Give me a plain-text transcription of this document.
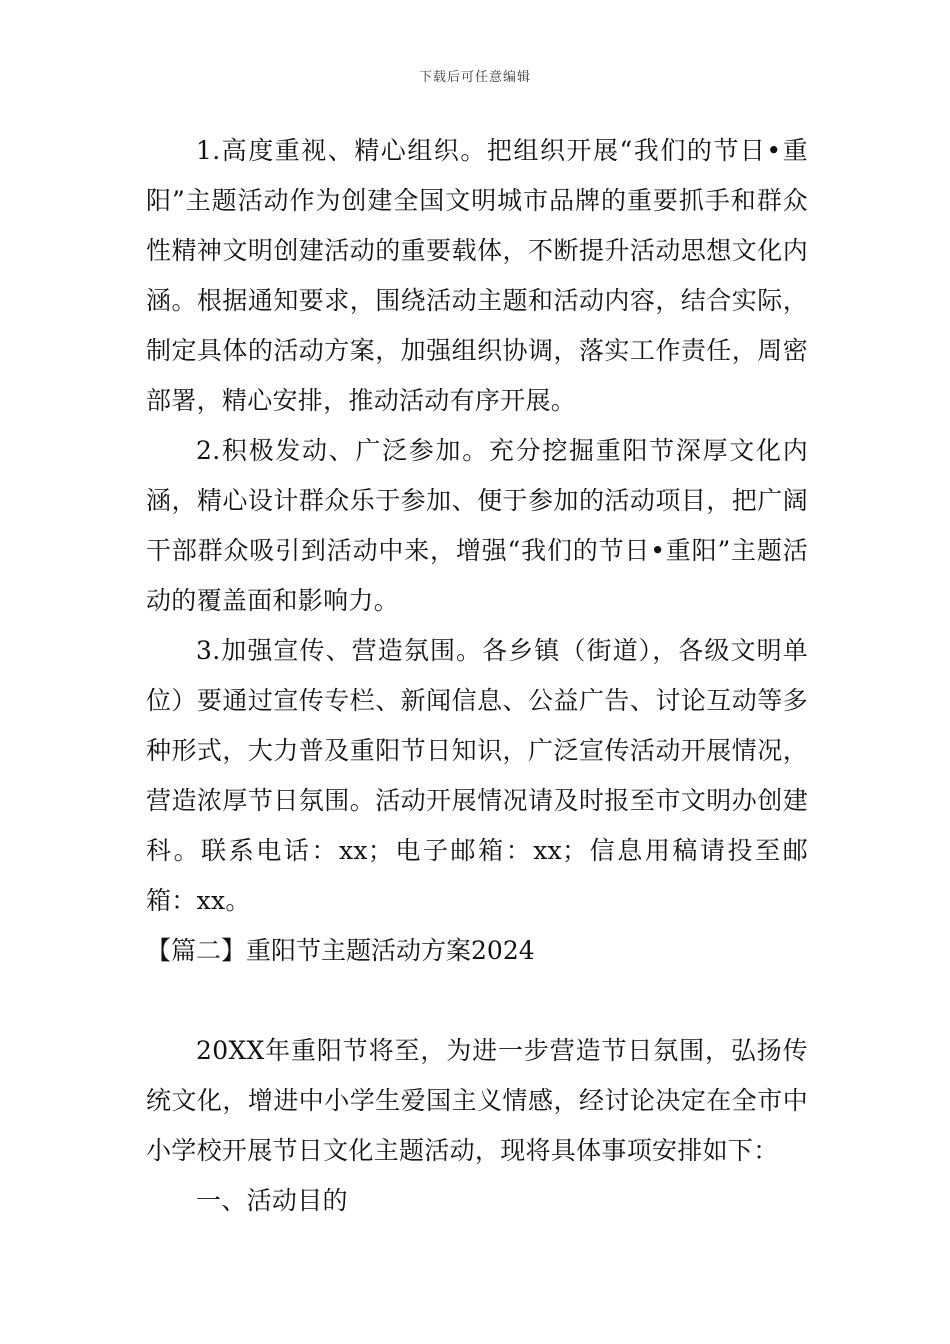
下载后可任意编辑

1.高度重视、精心组织。把组织开展“我们的节日•重阳”主题活动作为创建全国文明城市品牌的重要抓手和群众性精神文明创建活动的重要载体，不断提升活动思想文化内涵。根据通知要求，围绕活动主题和活动内容，结合实际，制定具体的活动方案，加强组织协调，落实工作责任，周密部署，精心安排，推动活动有序开展。

2.积极发动、广泛参加。充分挖掘重阳节深厚文化内涵，精心设计群众乐于参加、便于参加的活动项目，把广阔干部群众吸引到活动中来，增强“我们的节日•重阳”主题活动的覆盖面和影响力。

3.加强宣传、营造氛围。各乡镇（街道），各级文明单位）要通过宣传专栏、新闻信息、公益广告、讨论互动等多种形式，大力普及重阳节日知识，广泛宣传活动开展情况，营造浓厚节日氛围。活动开展情况请及时报至市文明办创建科。联系电话：xx；电子邮箱：xx；信息用稿请投至邮箱：xx。

【篇二】重阳节主题活动方案2024

20XX年重阳节将至，为进一步营造节日氛围，弘扬传统文化，增进中小学生爱国主义情感，经讨论决定在全市中小学校开展节日文化主题活动，现将具体事项安排如下：

一、活动目的
